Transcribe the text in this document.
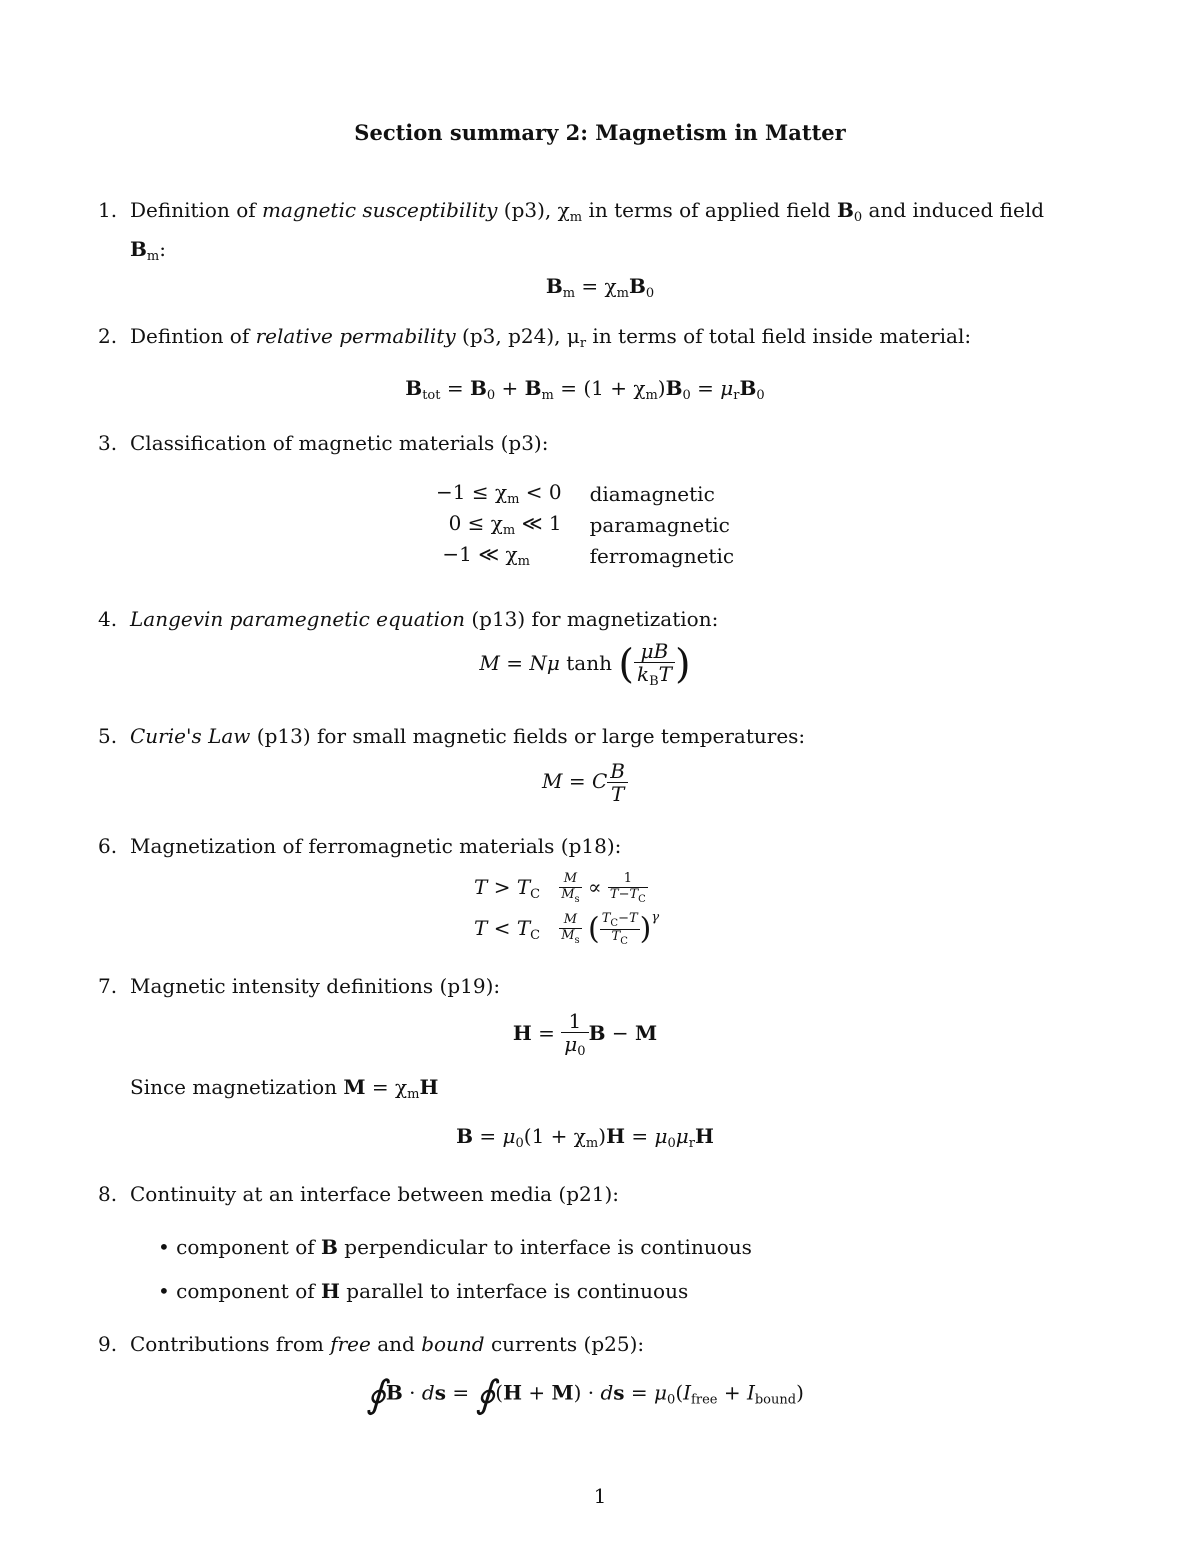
Section summary 2: Magnetism in Matter
1. Definition of magnetic susceptibility (p3), $\chi_m$ in terms of applied field $B_0$ and induced field
$B_m$:
$B_m = \chi_mB_0$
2. Defintion of relative permability (p3, p24), $\mu_r$ in terms of total field inside material:
$B_{tot} = B_0 + B_m = (1 + \chi_m)B_0 = \mu_rB_0$
3. Classification of magnetic materials (p3):
$-1 \le \chi_m < 0$	diamagnetic
$0 \le \chi_m$ ≪ 1	paramagnetic
−1 ≪ $\chi_m$	ferromagnetic
4. Langevin paramegnetic equation (p13) for magnetization:
M = Nμ tanh ( $\frac{\mu B}{k_BT}$ )
5. Curie's Law (p13) for small magnetic fields or large temperatures:
M = C $\frac{B}{T}$
6. Magnetization of ferromagnetic materials (p18):
$T > T_C \frac{M}{M_s} \propto \frac{1}{T-T_C}$
$T < T_C \frac{M}{M_s}$ ( $\frac{T_C-T}{T_C} )^\gamma$
7. Magnetic intensity definitions (p19):
$H = \frac{1}{\mu_0}$ B − M
Since magnetization $M = \chi_mH$
$B = \mu_0(1 + \chi_m)H = \mu_0\mu_rH$
8. Continuity at an interface between media (p21):
• component of B perpendicular to interface is continuous
• component of H parallel to interface is continuous
9. Contributions from free and bound currents (p25):
∮B · ds = ∮(H + M) · ds = $\mu_0(I_{free} + I_{bound})$
1
